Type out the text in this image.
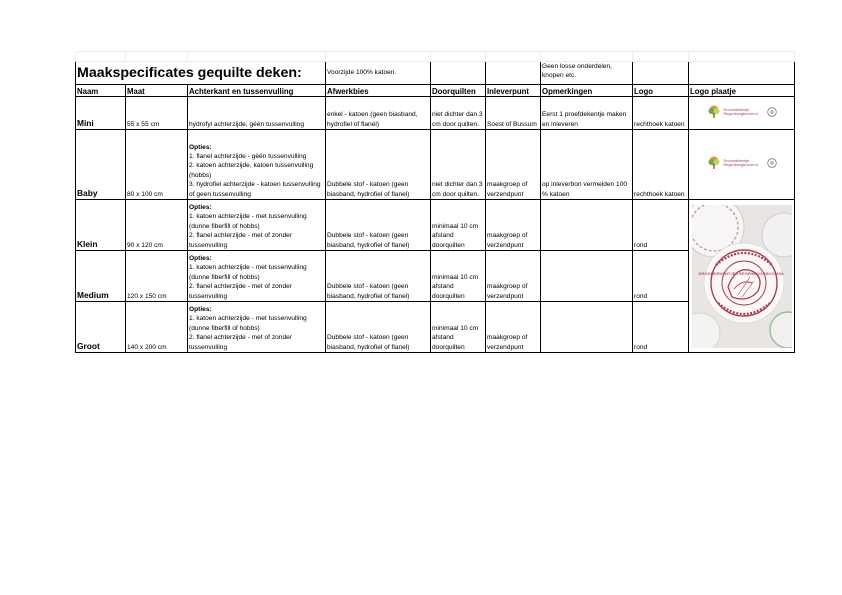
Maakspecificates gequilte deken:			Voorzijde 100% katoen.			Geen losse onderdelen, knopen etc.		
Naam	Maat	Achterkant en tussenvulling	Afwerkbies	Doorquilten	Inleverpunt	Opmerkingen	Logo	Logo plaatje
Mini	55 x 55 cm	hydrofyl achterzijde, géén tussenvulling	enkel - katoen (geen biasband, hydrofiel of flanel)	niet dichter dan 3 cm door quilten.	Soest of Bussum	Eerst 1 proefdekentje maken en inleveren	rechthoek katoen	Droomdekentje Regenboogbroom.nl

Baby	80 x 100 cm	Opties:
1. flanel achterzijde - géén tussenvulling
2. katoen achterzijde, katoen tussenvulling (hobbs)
3. hydrofiel achterzijde - katoen tussenvulling of geen tussenvulling	Dubbele stof - katoen (geen biasband, hydrofiel of flanel)	niet dichter dan 3 cm door quilten.	maakgroep of verzendpunt	op inleverbon vermelden 100 % katoen	rechthoek katoen	Droomdekentje Regenboogbroom.nl

Klein	90 x 120 cm	Opties:
1. katoen achterzijde - met tussenvulling (dunne fiberfill of hobbs)
2. flanel achterzijde - met of zonder tussenvulling	Dubbele stof - katoen (geen biasband, hydrofiel of flanel)	minimaal 10 cm afstand doorquilten	maakgroep of verzendpunt		rond	DROOMDEKENTJES REGENBOOGBOOM.NL

Medium	120 x 150 cm	Opties:
1. katoen achterzijde - met tussenvulling (dunne fiberfill of hobbs)
2. flanel achterzijde - met of zonder tussenvulling	Dubbele stof - katoen (geen biasband, hydrofiel of flanel)	minimaal 10 cm afstand doorquilten	maakgroep of verzendpunt		rond	
Groot	140 x 200 cm	Opties:
1. katoen achterzijde - met tussenvulling (dunne fiberfill of hobbs)
2. flanel achterzijde - met of zonder tussenvulling	Dubbele stof - katoen (geen biasband, hydrofiel of flanel)	minimaal 10 cm afstand doorquilten	maakgroep of verzendpunt		rond	
